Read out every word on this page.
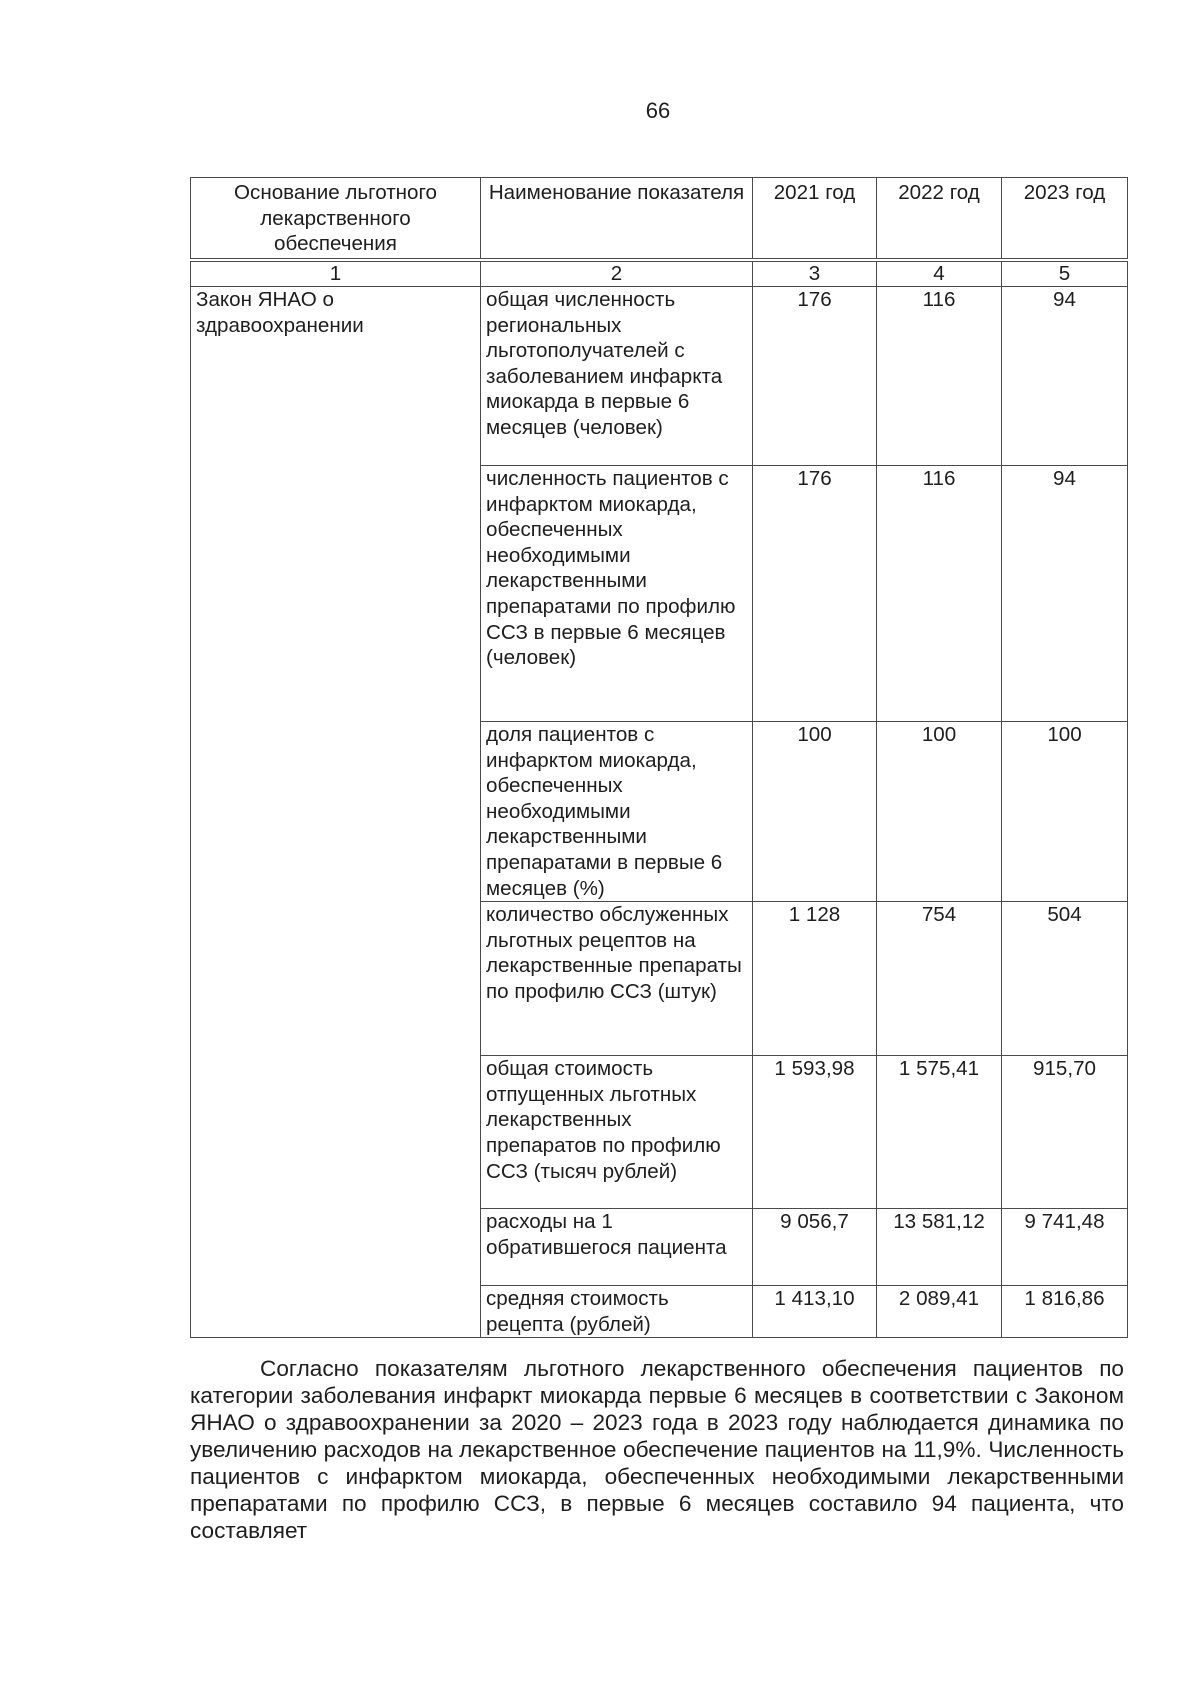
66
Основание льготного лекарственного обеспечения	Наименование показателя	2021 год	2022 год	2023 год
1	2	3	4	5
Закон ЯНАО о здравоохранении	общая численность региональных льготополучателей с заболеванием инфаркта миокарда в первые 6 месяцев (человек)	176	116	94
	численность пациентов с инфарктом миокарда, обеспеченных необходимыми лекарственными препаратами по профилю ССЗ в первые 6 месяцев (человек)	176	116	94
	доля пациентов с инфарктом миокарда, обеспеченных необходимыми лекарственными препаратами в первые 6 месяцев (%)	100	100	100
	количество обслуженных льготных рецептов на лекарственные препараты по профилю ССЗ (штук)	1 128	754	504
	общая стоимость отпущенных льготных лекарственных препаратов по профилю ССЗ (тысяч рублей)	1 593,98	1 575,41	915,70
	расходы на 1 обратившегося пациента	9 056,7	13 581,12	9 741,48
	средняя стоимость рецепта (рублей)	1 413,10	2 089,41	1 816,86

Согласно показателям льготного лекарственного обеспечения пациентов по категории заболевания инфаркт миокарда первые 6 месяцев в соответствии с Законом ЯНАО о здравоохранении за 2020 – 2023 года в 2023 году наблюдается динамика по увеличению расходов на лекарственное обеспечение пациентов на 11,9%. Численность пациентов с инфарктом миокарда, обеспеченных необходимыми лекарственными препаратами по профилю ССЗ, в первые 6 месяцев составило 94 пациента, что составляет
